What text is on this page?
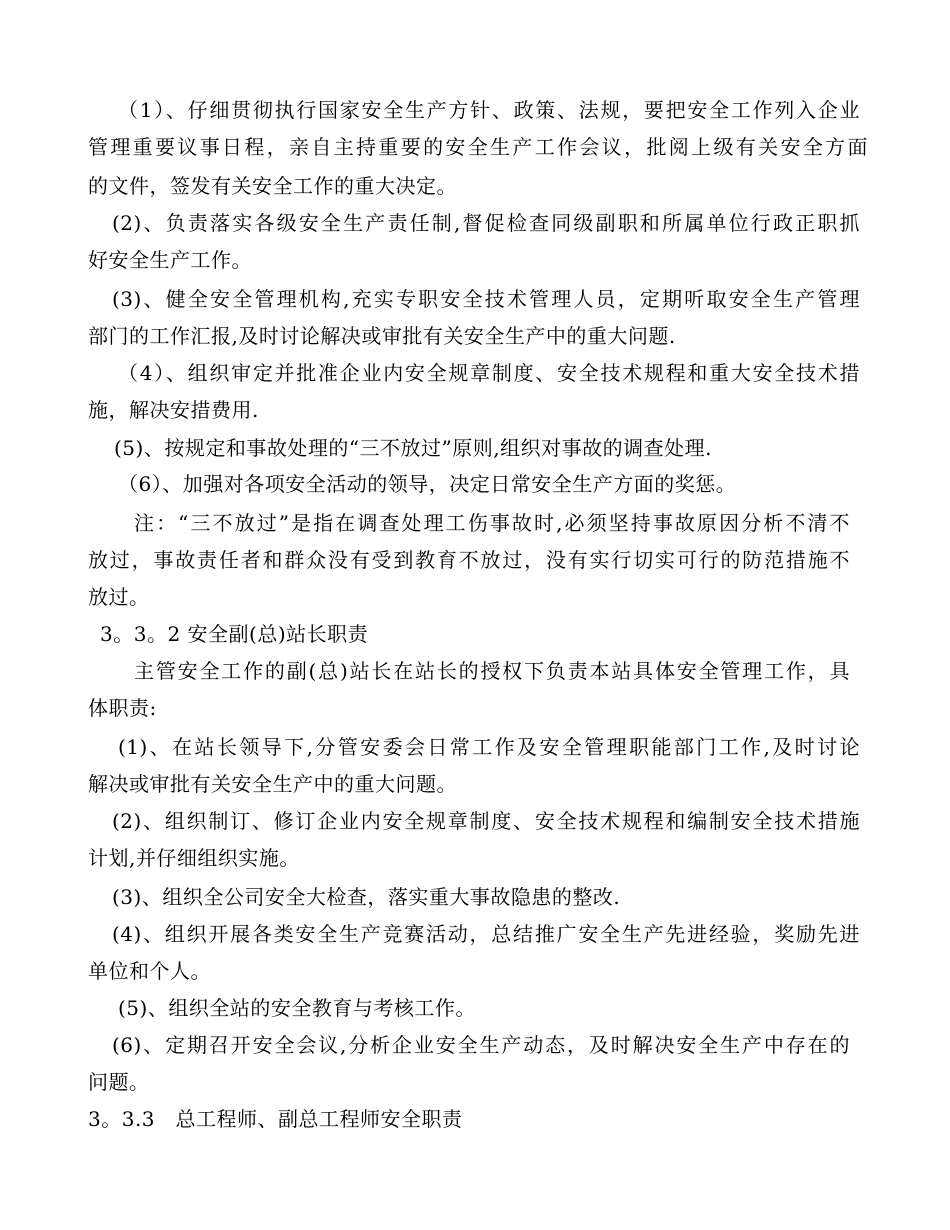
（1）、仔细贯彻执行国家安全生产方针、政策、法规，要把安全工作列入企业
管理重要议事日程，亲自主持重要的安全生产工作会议，批阅上级有关安全方面
的文件，签发有关安全工作的重大决定。
(2)、负责落实各级安全生产责任制,督促检查同级副职和所属单位行政正职抓
好安全生产工作。
(3)、健全安全管理机构,充实专职安全技术管理人员，定期听取安全生产管理
部门的工作汇报,及时讨论解决或审批有关安全生产中的重大问题.
（4）、组织审定并批准企业内安全规章制度、安全技术规程和重大安全技术措
施，解决安措费用.
(5)、按规定和事故处理的“三不放过”原则,组织对事故的调查处理.
（6）、加强对各项安全活动的领导，决定日常安全生产方面的奖惩。
注：“三不放过”是指在调查处理工伤事故时,必须坚持事故原因分析不清不
放过，事故责任者和群众没有受到教育不放过，没有实行切实可行的防范措施不
放过。
3。3。2 安全副(总)站长职责
主管安全工作的副(总)站长在站长的授权下负责本站具体安全管理工作，具
体职责:
(1)、在站长领导下,分管安委会日常工作及安全管理职能部门工作,及时讨论
解决或审批有关安全生产中的重大问题。
(2)、组织制订、修订企业内安全规章制度、安全技术规程和编制安全技术措施
计划,并仔细组织实施。
(3)、组织全公司安全大检查，落实重大事故隐患的整改.
(4)、组织开展各类安全生产竞赛活动，总结推广安全生产先进经验，奖励先进
单位和个人。
(5)、组织全站的安全教育与考核工作。
(6)、定期召开安全会议,分析企业安全生产动态，及时解决安全生产中存在的
问题。
3。3.3　总工程师、副总工程师安全职责
